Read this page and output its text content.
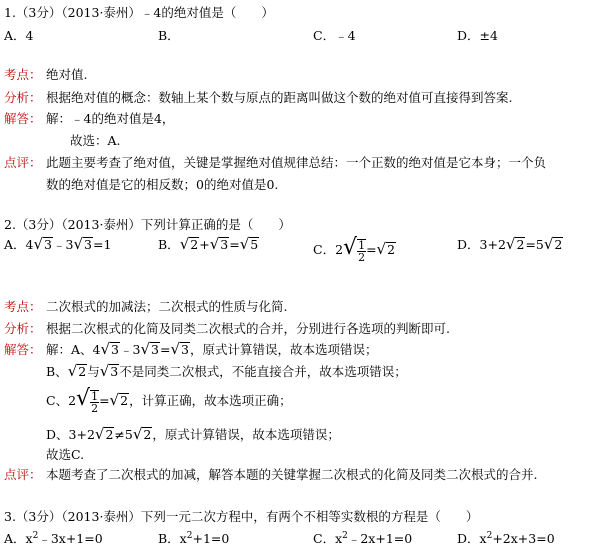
1.（3分）（2013·泰州）﹣4的绝对值是（　　）
A．4	B．	C．﹣4	D．±4
考点： 绝对值.
分析： 根据绝对值的概念：数轴上某个数与原点的距离叫做这个数的绝对值可直接得到答案.
解答： 解：﹣4的绝对值是4，
故选：A.
点评： 此题主要考查了绝对值，关键是掌握绝对值规律总结：一个正数的绝对值是它本身；一个负
数的绝对值是它的相反数；0的绝对值是0.
2.（3分）（2013·泰州）下列计算正确的是（　　）
A．4√3﹣3√3=1	B．√2+√3=√5	C．$2√ \frac{1}{2} =√2$	D．3+2√2=5√2
考点： 二次根式的加减法；二次根式的性质与化简.
分析： 根据二次根式的化简及同类二次根式的合并，分别进行各选项的判断即可.
解答： 解：A、4√3﹣3√3=√3，原式计算错误，故本选项错误；
B、√2与√3不是同类二次根式，不能直接合并，故本选项错误；
C、$2√ \frac{1}{2} =√2$，计算正确，故本选项正确；
D、3+2√2≠5√2，原式计算错误，故本选项错误；
故选C.
点评： 本题考查了二次根式的加减，解答本题的关键掌握二次根式的化简及同类二次根式的合并.
3.（3分）（2013·泰州）下列一元二次方程中，有两个不相等实数根的方程是（　　）
A．$x^2﹣3x+1=0$	B．$x^2+1=0$	C．$x^2﹣2x+1=0$	D．$x^2+2x+3=0$
